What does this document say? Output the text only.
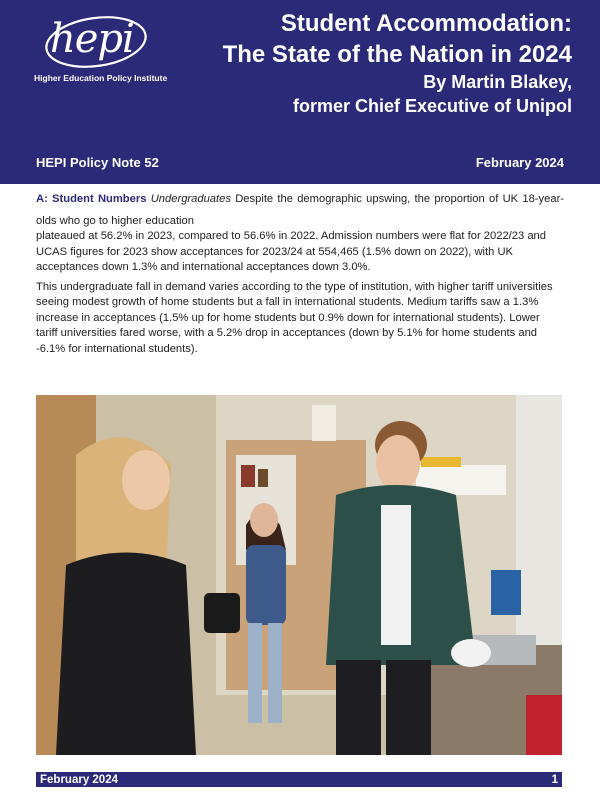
hepi
Higher Education Policy Institute
Student Accommodation:
The State of the Nation in 2024
By Martin Blakey,
former Chief Executive of Unipol
HEPI Policy Note 52	February 2024

A: Student Numbers Undergraduates Despite the demographic upswing, the proportion of UK 18-year-

olds who go to higher education

plateaued at 56.2% in 2023, compared to 56.6% in 2022. Admission numbers were flat for 2022/23 and UCAS figures for 2023 show acceptances for 2023/24 at 554,465 (1.5% down on 2022), with UK acceptances down 1.3% and international acceptances down 3.0%.

This undergraduate fall in demand varies according to the type of institution, with higher tariff universities seeing modest growth of home students but a fall in international students. Medium tariffs saw a 1.3% increase in acceptances (1.5% up for home students but 0.9% down for international students). Lower tariff universities fared worse, with a 5.2% drop in acceptances (down by 5.1% for home students and -6.1% for international students).

February 2024	1
